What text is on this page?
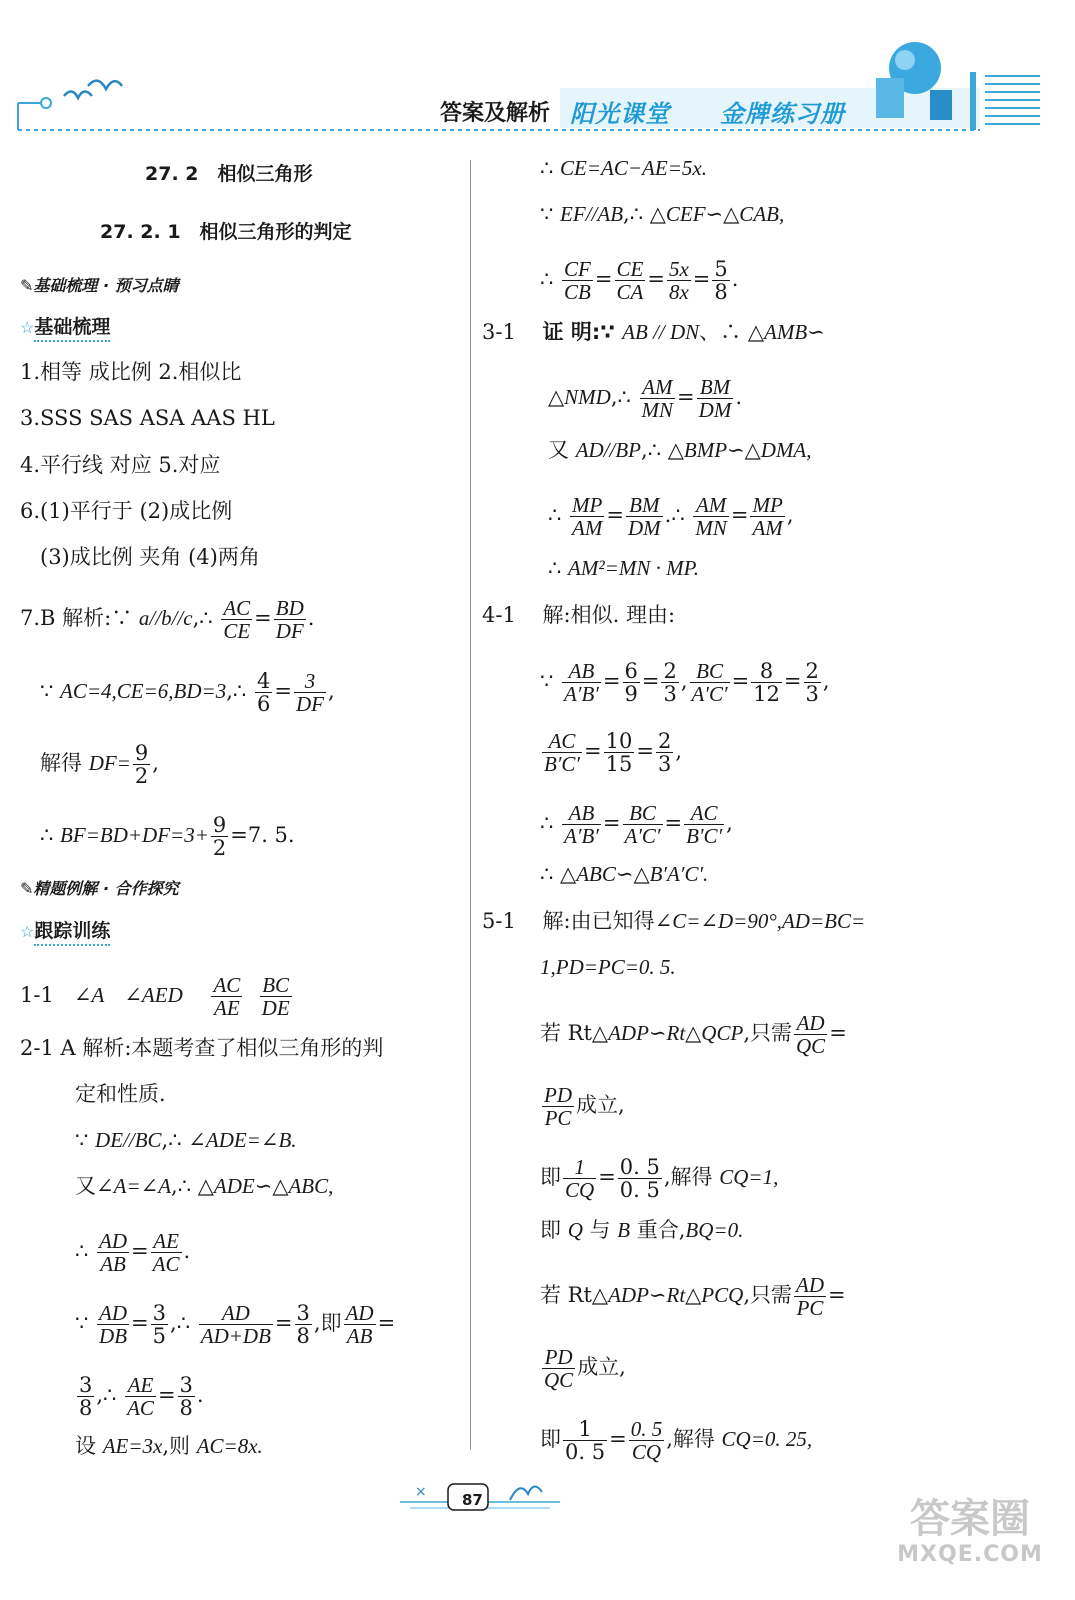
答案及解析 阳光课堂 金牌练习册
27. 2　相似三角形
27. 2. 1　相似三角形的判定
✎基础梳理 · 预习点睛
☆基础梳理
1.相等 成比例 2.相似比
3.SSS SAS ASA AAS HL
4.平行线 对应 5.对应
6.(1)平行于 (2)成比例
(3)成比例 夹角 (4)两角
7.B 解析:∵ a//b//c,∴ $\frac{AC}{CE} = \frac{BD}{DF}$ .
∵ AC=4,CE=6,BD=3,∴ $\frac{4}{6} = \frac{3}{DF}$ ,
解得 $DF= \frac{9}{2}$ ,
∴ $BF=BD+DF=3+ \frac{9}{2} =7$. 5.
✎精题例解 · 合作探究
☆跟踪训练
1-1 ∠A ∠AED $\frac{AC}{AE}$
$\frac{BC}{DE}$
2-1 A 解析:本题考查了相似三角形的判
定和性质.
∵ DE//BC,∴ ∠ADE=∠B.
又∠A=∠A,∴ △ADE∽△ABC,
∴ $\frac{AD}{AB} = \frac{AE}{AC}$ .
∵ $\frac{AD}{DB} = \frac{3}{5}$ ,∴ $\frac{AD}{AD+DB} = \frac{3}{8}$ ,即 $\frac{AD}{AB}$ =
$\frac{3}{8}$ ,∴ $\frac{AE}{AC} = \frac{3}{8}$ .
设 AE=3x,则 AC=8x.
∴ CE=AC−AE=5x.
∵ EF//AB,∴ △CEF∽△CAB,
∴ $\frac{CF}{CB} = \frac{CE}{CA} = \frac{5x}{8x} = \frac{5}{8}$ .
3-1 证 明:∵ AB // DN、∴ △AMB∽
△NMD,∴ $\frac{AM}{MN} = \frac{BM}{DM}$ .
又 AD//BP,∴ △BMP∽△DMA,
∴ $\frac{MP}{AM} = \frac{BM}{DM}$ .∴ $\frac{AM}{MN} = \frac{MP}{AM}$ ,
∴ AM²=MN · MP.
4-1 解:相似. 理由:
∵ $\frac{AB}{A'B'} = \frac{6}{9} = \frac{2}{3}$ , $\frac{BC}{A'C'} = \frac{8}{12} = \frac{2}{3}$ ,
$\frac{AC}{B'C'} = \frac{10}{15} = \frac{2}{3}$ ,
∴ $\frac{AB}{A'B'} = \frac{BC}{A'C'} = \frac{AC}{B'C'}$ ,
∴ △ABC∽△B′A′C′.
5-1 解:由已知得∠C=∠D=90°,AD=BC=
1,PD=PC=0. 5.
若 Rt△ADP∽Rt△QCP,只需 $\frac{AD}{QC}$ =
$\frac{PD}{PC}$ 成立,
即 $\frac{1}{CQ} = \frac{0. 5}{0. 5}$ ,解得 CQ=1,
即 Q 与 B 重合,BQ=0.
若 Rt△ADP∽Rt△PCQ,只需 $\frac{AD}{PC}$ =
$\frac{PD}{QC}$ 成立,
即 $\frac{1}{0. 5} = \frac{0. 5}{CQ}$ ,解得 CQ=0. 25,
× 87	答案圈
MXQE.COM
